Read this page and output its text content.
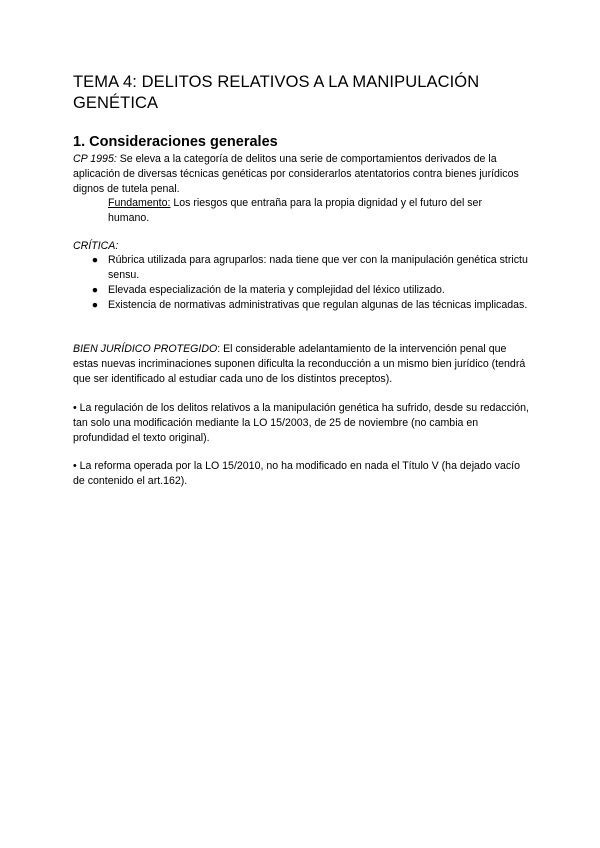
TEMA 4: DELITOS RELATIVOS A LA MANIPULACIÓN GENÉTICA
1. Consideraciones generales

CP 1995: Se eleva a la categoría de delitos una serie de comportamientos derivados de la aplicación de diversas técnicas genéticas por considerarlos atentatorios contra bienes jurídicos dignos de tutela penal.

Fundamento: Los riesgos que entraña para la propia dignidad y el futuro del ser humano.

CRÍTICA:

● Rúbrica utilizada para agruparlos: nada tiene que ver con la manipulación genética strictu sensu.
● Elevada especialización de la materia y complejidad del léxico utilizado.
● Existencia de normativas administrativas que regulan algunas de las técnicas implicadas.

BIEN JURÍDICO PROTEGIDO: El considerable adelantamiento de la intervención penal que estas nuevas incriminaciones suponen dificulta la reconducción a un mismo bien jurídico (tendrá que ser identificado al estudiar cada uno de los distintos preceptos).

• La regulación de los delitos relativos a la manipulación genética ha sufrido, desde su redacción, tan solo una modificación mediante la LO 15/2003, de 25 de noviembre (no cambia en profundidad el texto original).

• La reforma operada por la LO 15/2010, no ha modificado en nada el Título V (ha dejado vacío de contenido el art.162).
